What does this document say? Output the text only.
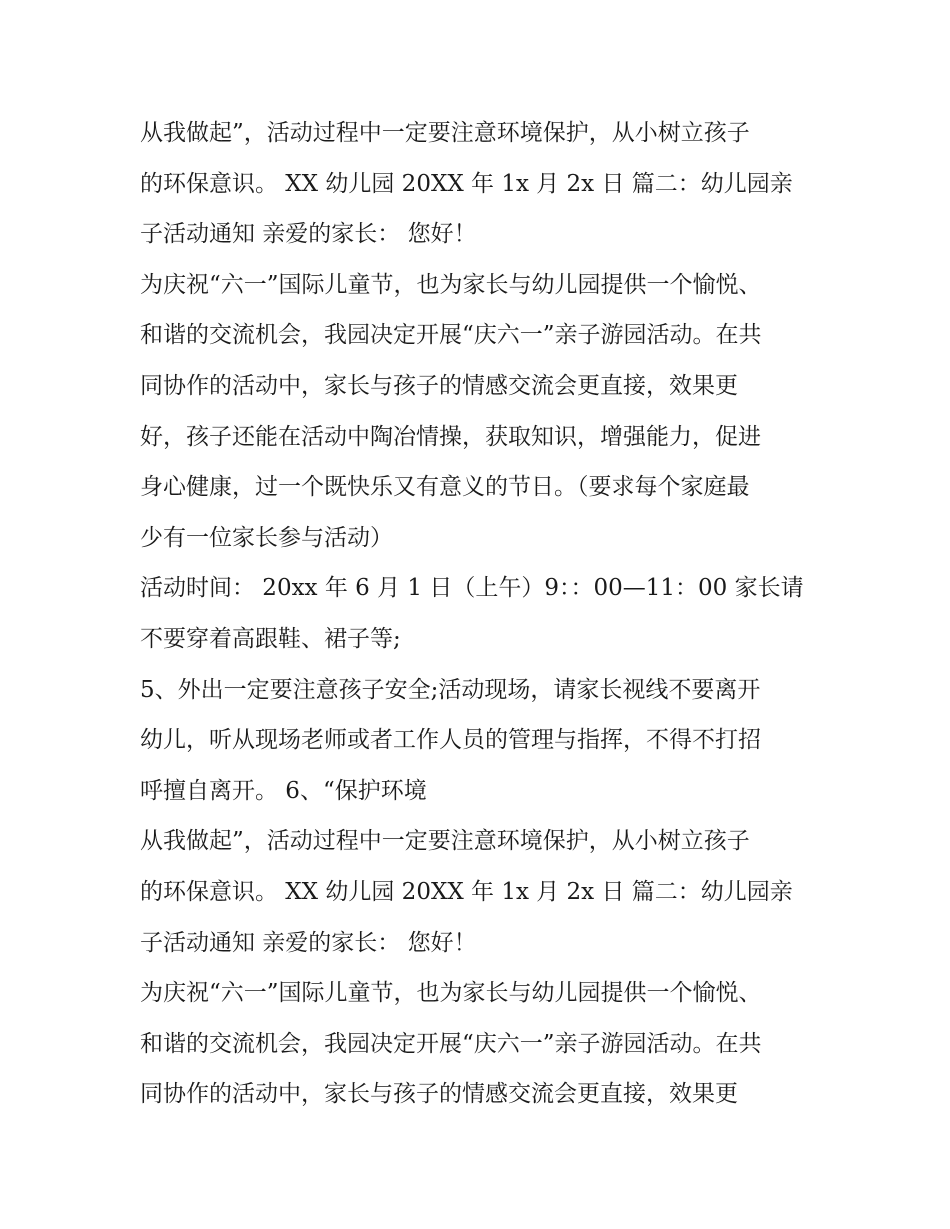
从我做起”，活动过程中一定要注意环境保护，从小树立孩子
的环保意识。 XX 幼儿园 20XX 年 1x 月 2x 日 篇二：幼儿园亲
子活动通知 亲爱的家长： 您好！
为庆祝“六一”国际儿童节，也为家长与幼儿园提供一个愉悦、
和谐的交流机会，我园决定开展“庆六一”亲子游园活动。在共
同协作的活动中，家长与孩子的情感交流会更直接，效果更
好，孩子还能在活动中陶冶情操，获取知识，增强能力，促进
身心健康，过一个既快乐又有意义的节日。（要求每个家庭最
少有一位家长参与活动）
活动时间： 20xx 年 6 月 1 日（上午）9：：00—11：00 家长请
不要穿着高跟鞋、裙子等;
5、外出一定要注意孩子安全;活动现场，请家长视线不要离开
幼儿，听从现场老师或者工作人员的管理与指挥，不得不打招
呼擅自离开。 6、“保护环境
从我做起”，活动过程中一定要注意环境保护，从小树立孩子
的环保意识。 XX 幼儿园 20XX 年 1x 月 2x 日 篇二：幼儿园亲
子活动通知 亲爱的家长： 您好！
为庆祝“六一”国际儿童节，也为家长与幼儿园提供一个愉悦、
和谐的交流机会，我园决定开展“庆六一”亲子游园活动。在共
同协作的活动中，家长与孩子的情感交流会更直接，效果更
